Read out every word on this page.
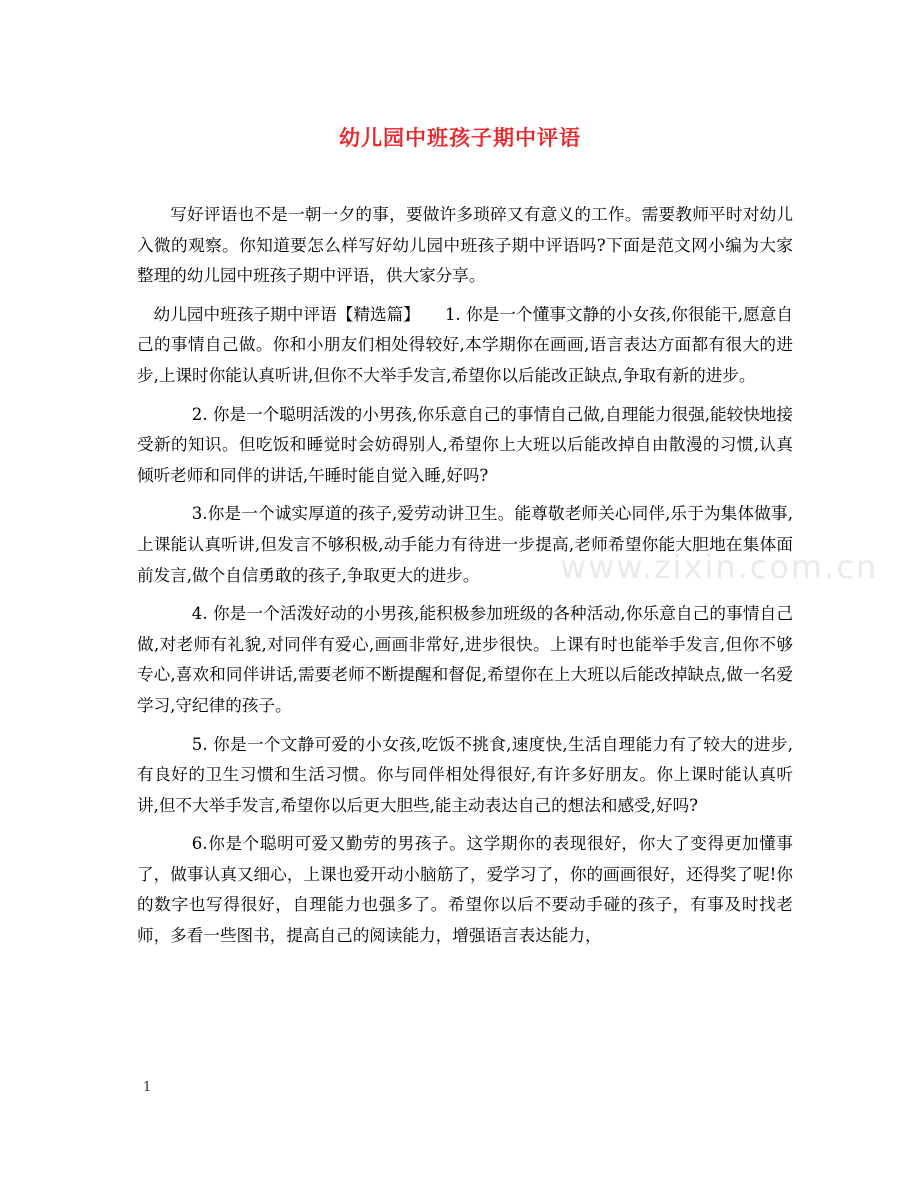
幼儿园中班孩子期中评语

写好评语也不是一朝一夕的事，要做许多琐碎又有意义的工作。需要教师平时对幼儿入微的观察。你知道要怎么样写好幼儿园中班孩子期中评语吗?下面是范文网小编为大家整理的幼儿园中班孩子期中评语，供大家分享。

幼儿园中班孩子期中评语【精选篇】　　1. 你是一个懂事文静的小女孩,你很能干,愿意自己的事情自己做。你和小朋友们相处得较好,本学期你在画画,语言表达方面都有很大的进步,上课时你能认真听讲,但你不大举手发言,希望你以后能改正缺点,争取有新的进步。

2. 你是一个聪明活泼的小男孩,你乐意自己的事情自己做,自理能力很强,能较快地接受新的知识。但吃饭和睡觉时会妨碍别人,希望你上大班以后能改掉自由散漫的习惯,认真倾听老师和同伴的讲话,午睡时能自觉入睡,好吗?

3.你是一个诚实厚道的孩子,爱劳动讲卫生。能尊敬老师关心同伴,乐于为集体做事,上课能认真听讲,但发言不够积极,动手能力有待进一步提高,老师希望你能大胆地在集体面前发言,做个自信勇敢的孩子,争取更大的进步。

4. 你是一个活泼好动的小男孩,能积极参加班级的各种活动,你乐意自己的事情自己做,对老师有礼貌,对同伴有爱心,画画非常好,进步很快。上课有时也能举手发言,但你不够专心,喜欢和同伴讲话,需要老师不断提醒和督促,希望你在上大班以后能改掉缺点,做一名爱学习,守纪律的孩子。

5. 你是一个文静可爱的小女孩,吃饭不挑食,速度快,生活自理能力有了较大的进步,有良好的卫生习惯和生活习惯。你与同伴相处得很好,有许多好朋友。你上课时能认真听讲,但不大举手发言,希望你以后更大胆些,能主动表达自己的想法和感受,好吗?

6.你是个聪明可爱又勤劳的男孩子。这学期你的表现很好，你大了变得更加懂事了，做事认真又细心，上课也爱开动小脑筋了，爱学习了，你的画画很好，还得奖了呢!你的数字也写得很好，自理能力也强多了。希望你以后不要动手碰的孩子，有事及时找老师，多看一些图书，提高自己的阅读能力，增强语言表达能力，

www.zixin.com.cn
1
